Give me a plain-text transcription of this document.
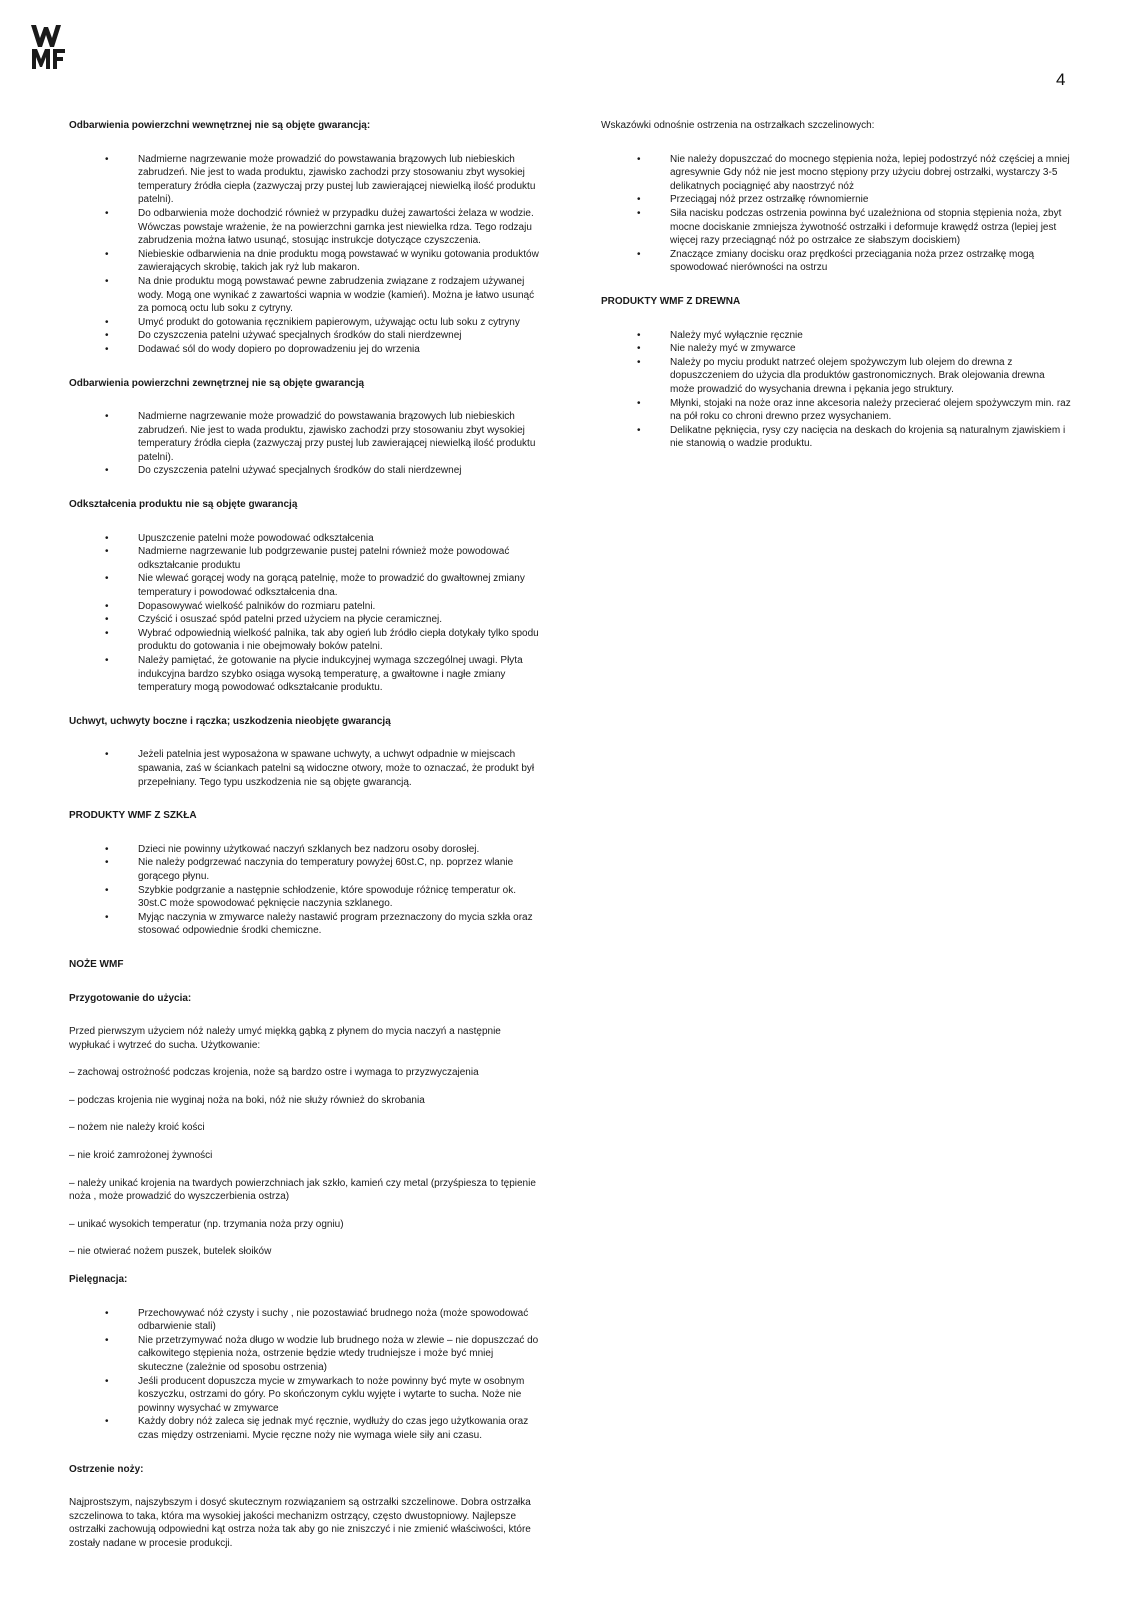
4
Odbarwienia powierzchni wewnętrznej nie są objęte gwarancją:
• Nadmierne nagrzewanie może prowadzić do powstawania brązowych lub niebieskich zabrudzeń. Nie jest to wada produktu, zjawisko zachodzi przy stosowaniu zbyt wysokiej temperatury źródła ciepła (zazwyczaj przy pustej lub zawierającej niewielką ilość produktu patelni).
• Do odbarwienia może dochodzić również w przypadku dużej zawartości żelaza w wodzie. Wówczas powstaje wrażenie, że na powierzchni garnka jest niewielka rdza. Tego rodzaju zabrudzenia można łatwo usunąć, stosując instrukcje dotyczące czyszczenia.
• Niebieskie odbarwienia na dnie produktu mogą powstawać w wyniku gotowania produktów zawierających skrobię, takich jak ryż lub makaron.
• Na dnie produktu mogą powstawać pewne zabrudzenia związane z rodzajem używanej wody. Mogą one wynikać z zawartości wapnia w wodzie (kamień). Można je łatwo usunąć za pomocą octu lub soku z cytryny.
• Umyć produkt do gotowania ręcznikiem papierowym, używając octu lub soku z cytryny
• Do czyszczenia patelni używać specjalnych środków do stali nierdzewnej
• Dodawać sól do wody dopiero po doprowadzeniu jej do wrzenia
Odbarwienia powierzchni zewnętrznej nie są objęte gwarancją
• Nadmierne nagrzewanie może prowadzić do powstawania brązowych lub niebieskich zabrudzeń. Nie jest to wada produktu, zjawisko zachodzi przy stosowaniu zbyt wysokiej temperatury źródła ciepła (zazwyczaj przy pustej lub zawierającej niewielką ilość produktu patelni).
• Do czyszczenia patelni używać specjalnych środków do stali nierdzewnej
Odkształcenia produktu nie są objęte gwarancją
• Upuszczenie patelni może powodować odkształcenia
• Nadmierne nagrzewanie lub podgrzewanie pustej patelni również może powodować odkształcanie produktu
• Nie wlewać gorącej wody na gorącą patelnię, może to prowadzić do gwałtownej zmiany temperatury i powodować odkształcenia dna.
• Dopasowywać wielkość palników do rozmiaru patelni.
• Czyścić i osuszać spód patelni przed użyciem na płycie ceramicznej.
• Wybrać odpowiednią wielkość palnika, tak aby ogień lub źródło ciepła dotykały tylko spodu produktu do gotowania i nie obejmowały boków patelni.
• Należy pamiętać, że gotowanie na płycie indukcyjnej wymaga szczególnej uwagi. Płyta indukcyjna bardzo szybko osiąga wysoką temperaturę, a gwałtowne i nagłe zmiany temperatury mogą powodować odkształcanie produktu.
Uchwyt, uchwyty boczne i rączka; uszkodzenia nieobjęte gwarancją
• Jeżeli patelnia jest wyposażona w spawane uchwyty, a uchwyt odpadnie w miejscach spawania, zaś w ściankach patelni są widoczne otwory, może to oznaczać, że produkt był przepełniany. Tego typu uszkodzenia nie są objęte gwarancją.
PRODUKTY WMF Z SZKŁA
• Dzieci nie powinny użytkować naczyń szklanych bez nadzoru osoby dorosłej.
• Nie należy podgrzewać naczynia do temperatury powyżej 60st.C, np. poprzez wlanie gorącego płynu.
• Szybkie podgrzanie a następnie schłodzenie, które spowoduje różnicę temperatur ok. 30st.C może spowodować pęknięcie naczynia szklanego.
• Myjąc naczynia w zmywarce należy nastawić program przeznaczony do mycia szkła oraz stosować odpowiednie środki chemiczne.
NOŻE WMF
Przygotowanie do użycia:

Przed pierwszym użyciem nóż należy umyć miękką gąbką z płynem do mycia naczyń a następnie wypłukać i wytrzeć do sucha. Użytkowanie:

– zachowaj ostrożność podczas krojenia, noże są bardzo ostre i wymaga to przyzwyczajenia

– podczas krojenia nie wyginaj noża na boki, nóż nie służy również do skrobania

– nożem nie należy kroić kości

– nie kroić zamrożonej żywności

– należy unikać krojenia na twardych powierzchniach jak szkło, kamień czy metal (przyśpiesza to tępienie noża , może prowadzić do wyszczerbienia ostrza)

– unikać wysokich temperatur (np. trzymania noża przy ogniu)

– nie otwierać nożem puszek, butelek słoików

Pielęgnacja:
• Przechowywać nóż czysty i suchy , nie pozostawiać brudnego noża (może spowodować odbarwienie stali)
• Nie przetrzymywać noża długo w wodzie lub brudnego noża w zlewie – nie dopuszczać do całkowitego stępienia noża, ostrzenie będzie wtedy trudniejsze i może być mniej skuteczne (zależnie od sposobu ostrzenia)
• Jeśli producent dopuszcza mycie w zmywarkach to noże powinny być myte w osobnym koszyczku, ostrzami do góry. Po skończonym cyklu wyjęte i wytarte to sucha. Noże nie powinny wysychać w zmywarce
• Każdy dobry nóż zaleca się jednak myć ręcznie, wydłuży do czas jego użytkowania oraz czas między ostrzeniami. Mycie ręczne noży nie wymaga wiele siły ani czasu.
Ostrzenie noży:

Najprostszym, najszybszym i dosyć skutecznym rozwiązaniem są ostrzałki szczelinowe. Dobra ostrzałka szczelinowa to taka, która ma wysokiej jakości mechanizm ostrzący, często dwustopniowy. Najlepsze ostrzałki zachowują odpowiedni kąt ostrza noża tak aby go nie zniszczyć i nie zmienić właściwości, które zostały nadane w procesie produkcji.

Wskazówki odnośnie ostrzenia na ostrzałkach szczelinowych:
• Nie należy dopuszczać do mocnego stępienia noża, lepiej podostrzyć nóż częściej a mniej agresywnie Gdy nóż nie jest mocno stępiony przy użyciu dobrej ostrzałki, wystarczy 3-5 delikatnych pociągnięć aby naostrzyć nóż
• Przeciągaj nóż przez ostrzałkę równomiernie
• Siła nacisku podczas ostrzenia powinna być uzależniona od stopnia stępienia noża, zbyt mocne dociskanie zmniejsza żywotność ostrzałki i deformuje krawędź ostrza (lepiej jest więcej razy przeciągnąć nóż po ostrzałce ze słabszym dociskiem)
• Znaczące zmiany docisku oraz prędkości przeciągania noża przez ostrzałkę mogą spowodować nierówności na ostrzu
PRODUKTY WMF Z DREWNA
• Należy myć wyłącznie ręcznie
• Nie należy myć w zmywarce
• Należy po myciu produkt natrzeć olejem spożywczym lub olejem do drewna z dopuszczeniem do użycia dla produktów gastronomicznych. Brak olejowania drewna może prowadzić do wysychania drewna i pękania jego struktury.
• Młynki, stojaki na noże oraz inne akcesoria należy przecierać olejem spożywczym min. raz na pół roku co chroni drewno przez wysychaniem.
• Delikatne pęknięcia, rysy czy nacięcia na deskach do krojenia są naturalnym zjawiskiem i nie stanowią o wadzie produktu.
